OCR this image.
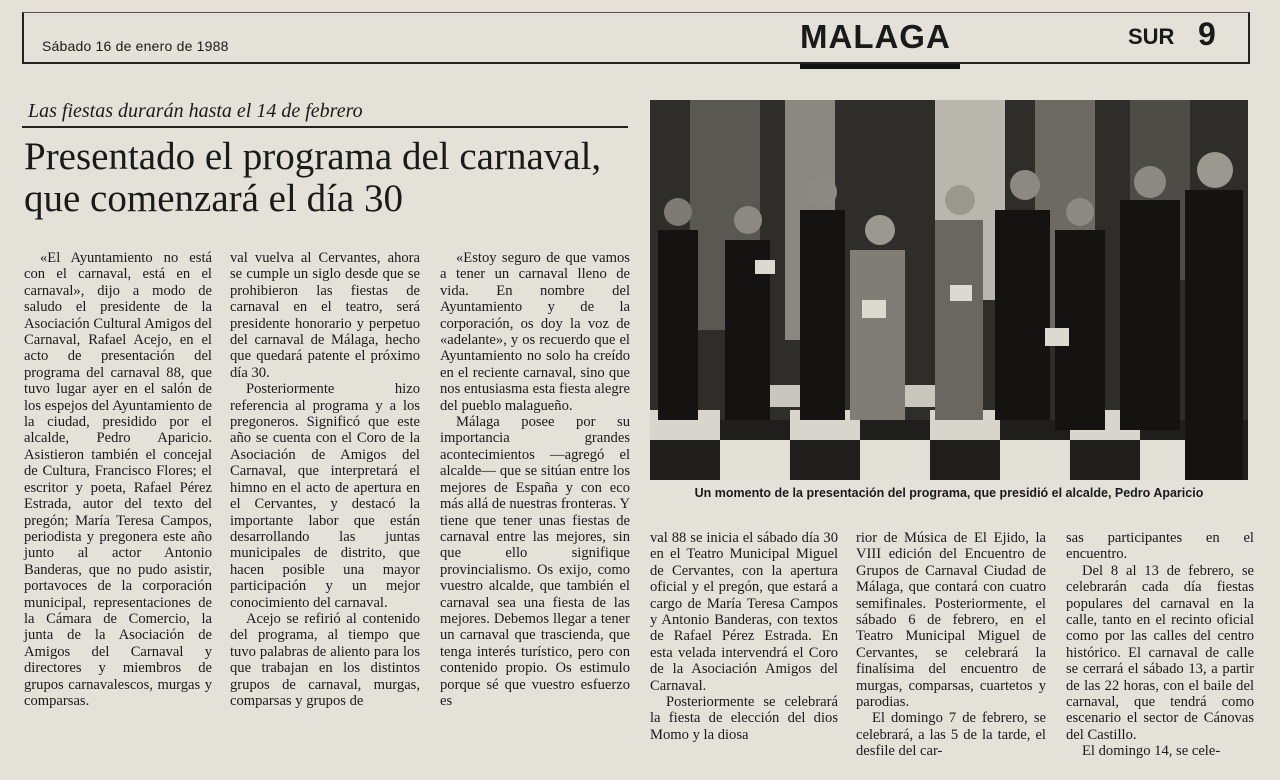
Sábado 16 de enero de 1988	MALAGA	SUR 9
Las fiestas durarán hasta el 14 de febrero
Presentado el programa del carnaval, que comenzará el día 30

«El Ayuntamiento no está con el carnaval, está en el carnaval», dijo a modo de saludo el presidente de la Asociación Cultural Amigos del Carnaval, Rafael Acejo, en el acto de presentación del programa del carnaval 88, que tuvo lugar ayer en el salón de los espejos del Ayuntamiento de la ciudad, presidido por el alcalde, Pedro Aparicio. Asistieron también el concejal de Cultura, Francisco Flores; el escritor y poeta, Rafael Pérez Estrada, autor del texto del pregón; María Teresa Campos, periodista y pregonera este año junto al actor Antonio Banderas, que no pudo asistir, portavoces de la corporación municipal, representaciones de la Cámara de Comercio, la junta de la Asociación de Amigos del Carnaval y directores y miembros de grupos carnavalescos, murgas y comparsas.

val vuelva al Cervantes, ahora se cumple un siglo desde que se prohibieron las fiestas de carnaval en el teatro, será presidente honorario y perpetuo del carnaval de Málaga, hecho que quedará patente el próximo día 30.

Posteriormente hizo referencia al programa y a los pregoneros. Significó que este año se cuenta con el Coro de la Asociación de Amigos del Carnaval, que interpretará el himno en el acto de apertura en el Cervantes, y destacó la importante labor que están desarrollando las juntas municipales de distrito, que hacen posible una mayor participación y un mejor conocimiento del carnaval.

Acejo se refirió al contenido del programa, al tiempo que tuvo palabras de aliento para los que trabajan en los distintos grupos de carnaval, murgas, comparsas y grupos de

«Estoy seguro de que vamos a tener un carnaval lleno de vida. En nombre del Ayuntamiento y de la corporación, os doy la voz de «adelante», y os recuerdo que el Ayuntamiento no solo ha creído en el reciente carnaval, sino que nos entusiasma esta fiesta alegre del pueblo malagueño.

Málaga posee por su importancia grandes acontecimientos —agregó el alcalde— que se sitúan entre los mejores de España y con eco más allá de nuestras fronteras. Y tiene que tener unas fiestas de carnaval entre las mejores, sin que ello signifique provincialismo. Os exijo, como vuestro alcalde, que también el carnaval sea una fiesta de las mejores. Debemos llegar a tener un carnaval que trascienda, que tenga interés turístico, pero con contenido propio. Os estimulo porque sé que vuestro esfuerzo es

Un momento de la presentación del programa, que presidió el alcalde, Pedro Aparicio

val 88 se inicia el sábado día 30 en el Teatro Municipal Miguel de Cervantes, con la apertura oficial y el pregón, que estará a cargo de María Teresa Campos y Antonio Banderas, con textos de Rafael Pérez Estrada. En esta velada intervendrá el Coro de la Asociación Amigos del Carnaval.

Posteriormente se celebrará la fiesta de elección del dios Momo y la diosa

rior de Música de El Ejido, la VIII edición del Encuentro de Grupos de Carnaval Ciudad de Málaga, que contará con cuatro semifinales. Posteriormente, el sábado 6 de febrero, en el Teatro Municipal Miguel de Cervantes, se celebrará la finalísima del encuentro de murgas, comparsas, cuartetos y parodias.

El domingo 7 de febrero, se celebrará, a las 5 de la tarde, el desfile del car-

sas participantes en el encuentro.

Del 8 al 13 de febrero, se celebrarán cada día fiestas populares del carnaval en la calle, tanto en el recinto oficial como por las calles del centro histórico. El carnaval de calle se cerrará el sábado 13, a partir de las 22 horas, con el baile del carnaval, que tendrá como escenario el sector de Cánovas del Castillo.

El domingo 14, se cele-
